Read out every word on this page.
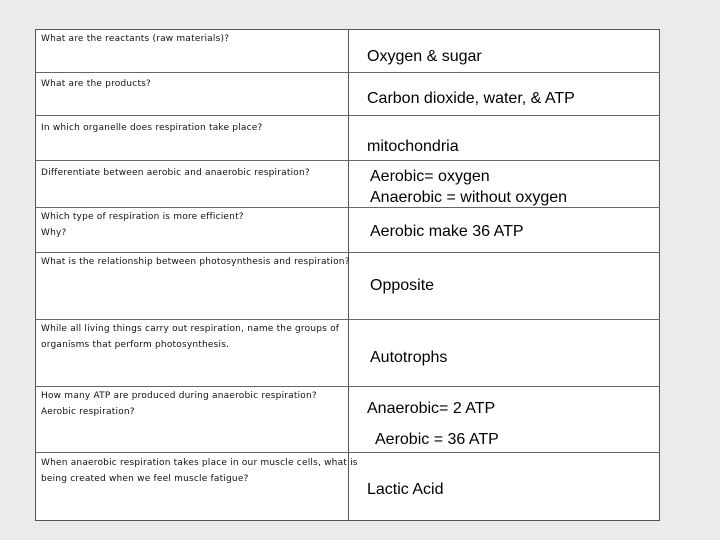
What are the reactants (raw materials)?
What are the products?
In which organelle does respiration take place?
Differentiate between aerobic and anaerobic respiration?
Which type of respiration is more efficient?
Why?
What is the relationship between photosynthesis and respiration?
While all living things carry out respiration, name the groups of
organisms that perform photosynthesis.
How many ATP are produced during anaerobic respiration?
Aerobic respiration?
When anaerobic respiration takes place in our muscle cells, what is
being created when we feel muscle fatigue?
Oxygen & sugar
Carbon dioxide, water, & ATP
mitochondria
Aerobic= oxygen
Anaerobic = without oxygen
Aerobic make 36 ATP
Opposite
Autotrophs
Anaerobic= 2 ATP
Aerobic = 36 ATP
Lactic Acid
